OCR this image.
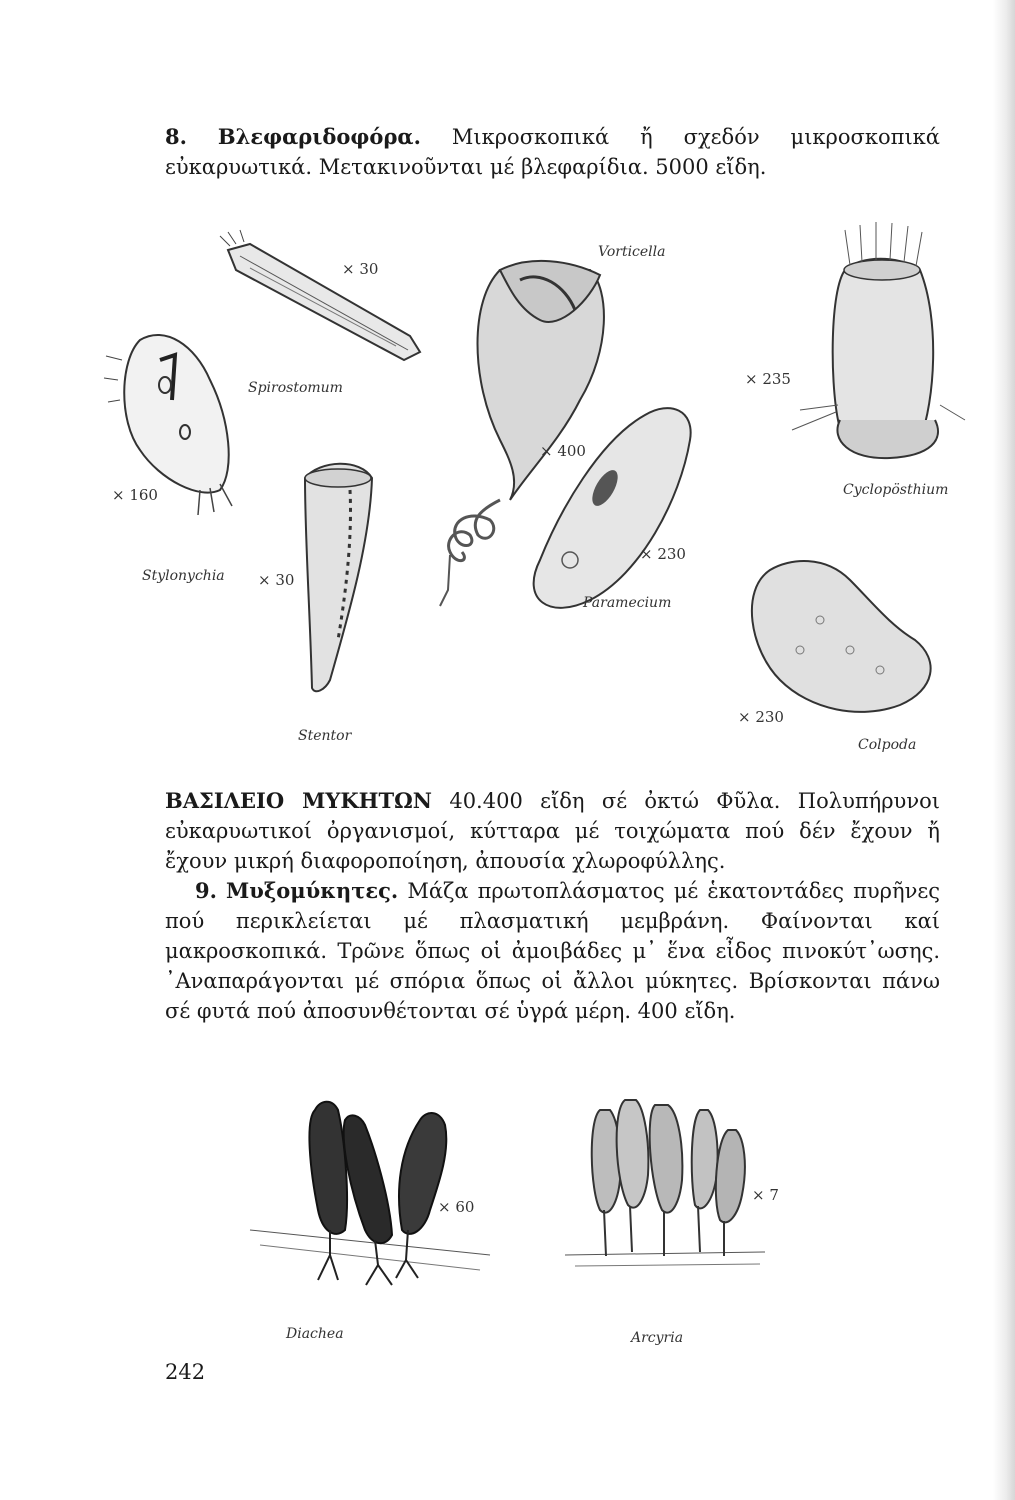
8. Βλεφαριδοφόρα. Μικροσκοπικά ἤ σχεδόν μικροσκοπικά εὐκαρυωτικά. Μετακινοῦνται μέ βλεφαρίδια. 5000 εἴδη.
Vorticella
× 400
Spirostomum
× 30
Cyclopösthium
× 235
Stylonychia
× 160
Paramecium
× 230
Stentor
× 30
Colpoda
× 230
ΒΑΣΙΛΕΙΟ ΜΥΚΗΤΩΝ 40.400 εἴδη σέ ὀκτώ Φῦλα. Πολυπήρυνοι εὐκαρυωτικοί ὀργανισμοί, κύτταρα μέ τοιχώματα πού δέν ἔχουν ἤ ἔχουν μικρή διαφοροποίηση, ἀπουσία χλωροφύλλης.
9. Μυξομύκητες. Μάζα πρωτοπλάσματος μέ ἑκατοντάδες πυρῆνες πού περικλείεται μέ πλασματική μεμβράνη. Φαίνονται καί μακροσκοπικά. Τρῶνε ὅπως οἱ ἀμοιβάδες μ᾽ ἕνα εἶδος πινοκύτ᾽ωσης. ᾽Αναπαράγονται μέ σπόρια ὅπως οἱ ἄλλοι μύκητες. Βρίσκονται πάνω σέ φυτά πού ἀποσυνθέτονται σέ ὑγρά μέρη. 400 εἴδη.
× 60
Diachea
× 7
Arcyria
242
